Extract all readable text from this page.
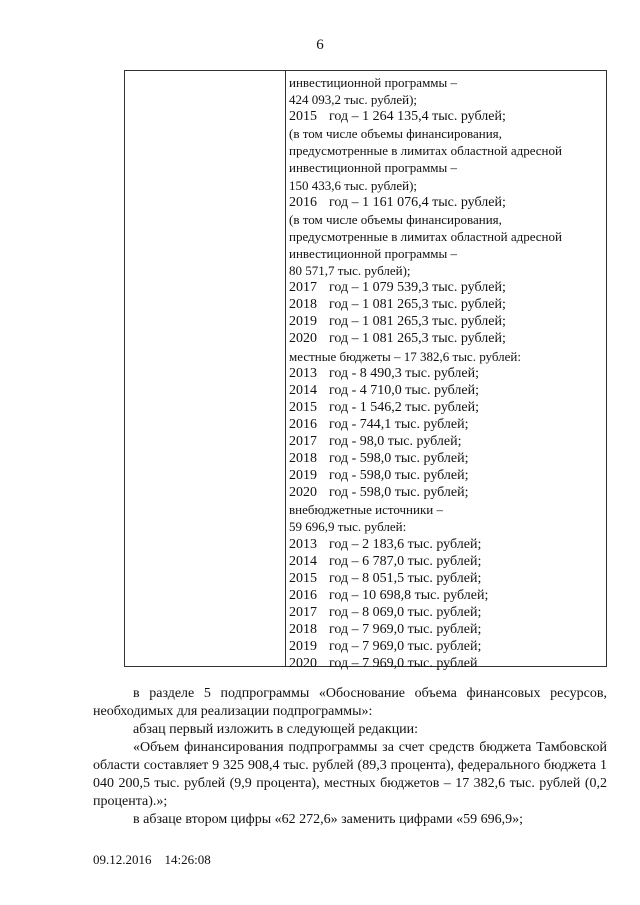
6
инвестиционной программы –
424 093,2 тыс. рублей);
2015 год – 1 264 135,4 тыс. рублей;
(в том числе объемы финансирования,
предусмотренные в лимитах областной адресной
инвестиционной программы –
150 433,6 тыс. рублей);
2016 год – 1 161 076,4 тыс. рублей;
(в том числе объемы финансирования,
предусмотренные в лимитах областной адресной
инвестиционной программы –
80 571,7 тыс. рублей);
2017 год – 1 079 539,3 тыс. рублей;
2018 год – 1 081 265,3 тыс. рублей;
2019 год – 1 081 265,3 тыс. рублей;
2020 год – 1 081 265,3 тыс. рублей;
местные бюджеты – 17 382,6 тыс. рублей:
2013 год - 8 490,3 тыс. рублей;
2014 год - 4 710,0 тыс. рублей;
2015 год - 1 546,2 тыс. рублей;
2016 год - 744,1 тыс. рублей;
2017 год - 98,0 тыс. рублей;
2018 год - 598,0 тыс. рублей;
2019 год - 598,0 тыс. рублей;
2020 год - 598,0 тыс. рублей;
внебюджетные источники –
59 696,9 тыс. рублей:
2013 год – 2 183,6 тыс. рублей;
2014 год – 6 787,0 тыс. рублей;
2015 год – 8 051,5 тыс. рублей;
2016 год – 10 698,8 тыс. рублей;
2017 год – 8 069,0 тыс. рублей;
2018 год – 7 969,0 тыс. рублей;
2019 год – 7 969,0 тыс. рублей;
2020 год – 7 969,0 тыс. рублей
в разделе 5 подпрограммы «Обоснование объема финансовых ресурсов, необходимых для реализации подпрограммы»:
абзац первый изложить в следующей редакции:
«Объем финансирования подпрограммы за счет средств бюджета Тамбовской области составляет 9 325 908,4 тыс. рублей (89,3 процента), федерального бюджета 1 040 200,5 тыс. рублей (9,9 процента), местных бюджетов – 17 382,6 тыс. рублей (0,2 процента).»;
в абзаце втором цифры «62 272,6» заменить цифрами «59 696,9»;
09.12.2016 14:26:08
